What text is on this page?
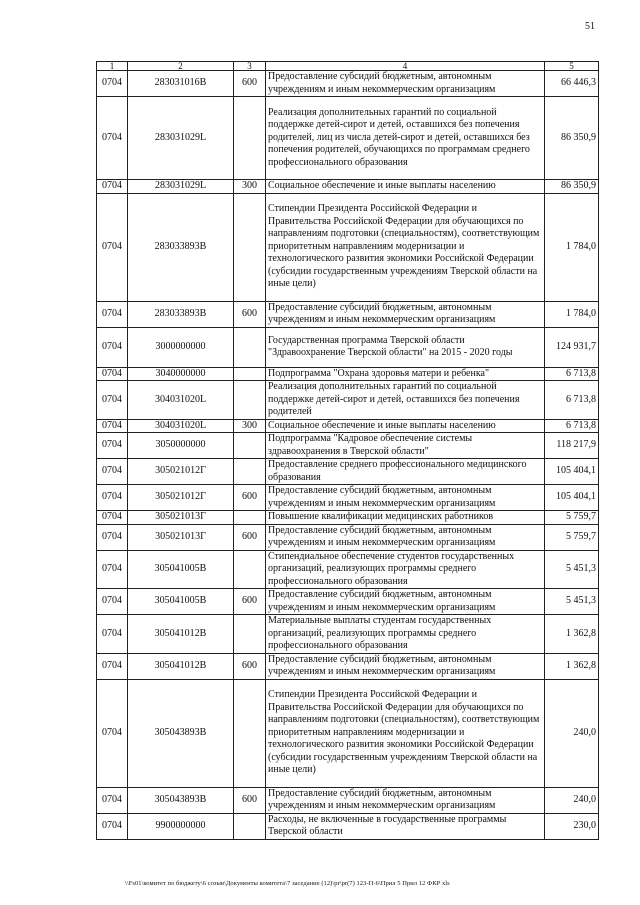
51
1	2	3	4	5
0704	283031016В	600	Предоставление субсидий бюджетным, автономным учреждениям и иным некоммерческим организациям	66 446,3
0704	283031029L		Реализация дополнительных гарантий по социальной поддержке детей-сирот и детей, оставшихся без попечения родителей, лиц из числа детей-сирот и детей, оставшихся без попечения родителей, обучающихся по программам среднего профессионального образования	86 350,9
0704	283031029L	300	Социальное обеспечение и иные выплаты населению	86 350,9
0704	283033893В		Стипендии Президента Российской Федерации и Правительства Российской Федерации для обучающихся по направлениям подготовки (специальностям), соответствующим приоритетным направлениям модернизации и технологического развития экономики Российской Федерации (субсидии государственным учреждениям Тверской области на иные цели)	1 784,0
0704	283033893В	600	Предоставление субсидий бюджетным, автономным учреждениям и иным некоммерческим организациям	1 784,0
0704	3000000000		Государственная программа Тверской области "Здравоохранение Тверской области" на 2015 - 2020 годы	124 931,7
0704	3040000000		Подпрограмма "Охрана здоровья матери и ребенка"	6 713,8
0704	304031020L		Реализация дополнительных гарантий по социальной поддержке детей-сирот и детей, оставшихся без попечения родителей	6 713,8
0704	304031020L	300	Социальное обеспечение и иные выплаты населению	6 713,8
0704	3050000000		Подпрограмма "Кадровое обеспечение системы здравоохранения в Тверской области"	118 217,9
0704	305021012Г		Предоставление среднего профессионального медицинского образования	105 404,1
0704	305021012Г	600	Предоставление субсидий бюджетным, автономным учреждениям и иным некоммерческим организациям	105 404,1
0704	305021013Г		Повышение квалификации медицинских работников	5 759,7
0704	305021013Г	600	Предоставление субсидий бюджетным, автономным учреждениям и иным некоммерческим организациям	5 759,7
0704	305041005В		Стипендиальное обеспечение студентов государственных организаций, реализующих программы среднего профессионального образования	5 451,3
0704	305041005В	600	Предоставление субсидий бюджетным, автономным учреждениям и иным некоммерческим организациям	5 451,3
0704	305041012В		Материальные выплаты студентам государственных организаций, реализующих программы среднего профессионального образования	1 362,8
0704	305041012В	600	Предоставление субсидий бюджетным, автономным учреждениям и иным некоммерческим организациям	1 362,8
0704	305043893В		Стипендии Президента Российской Федерации и Правительства Российской Федерации для обучающихся по направлениям подготовки (специальностям), соответствующим приоритетным направлениям модернизации и технологического развития экономики Российской Федерации (субсидии государственным учреждениям Тверской области на иные цели)	240,0
0704	305043893В	600	Предоставление субсидий бюджетным, автономным учреждениям и иным некоммерческим организациям	240,0
0704	9900000000		Расходы, не включенные в государственные программы Тверской области	230,0
\\Fs01\комитет по бюджету\6 созыв\Документы комитета\7 заседание (12)\pr\pr(7) 123-П-6\Прил 5 Прил 12 ФКР xls
